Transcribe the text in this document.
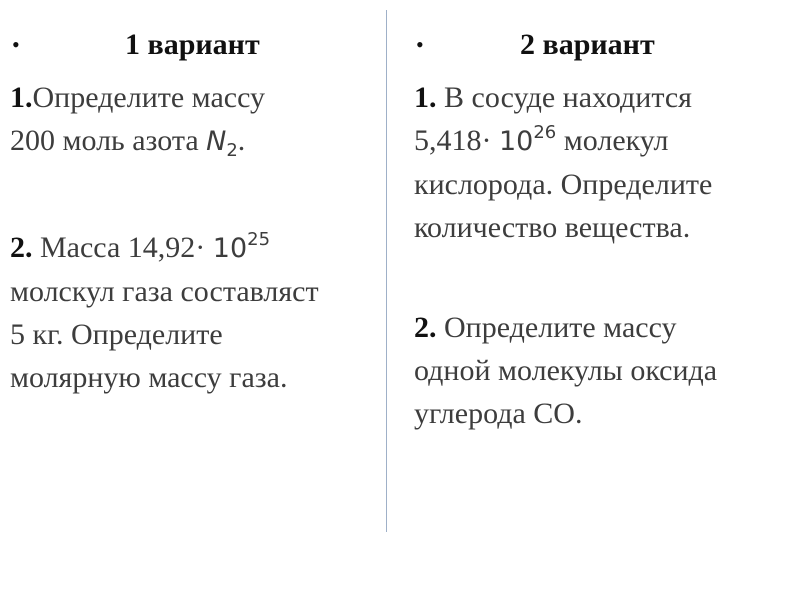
•	1 вариант
1.Определите массу
200 моль азота $N_2$.
2. Масса $14,92\cdot 10^{25}$
молскул газа составляст
5 кг. Определите
молярную массу газа.
•	2 вариант
1. В сосуде находится
$5,418\cdot 10^{26}$ молекул
кислорода. Определите
количество вещества.
2. Определите массу
одной молекулы оксида
углерода СО.
